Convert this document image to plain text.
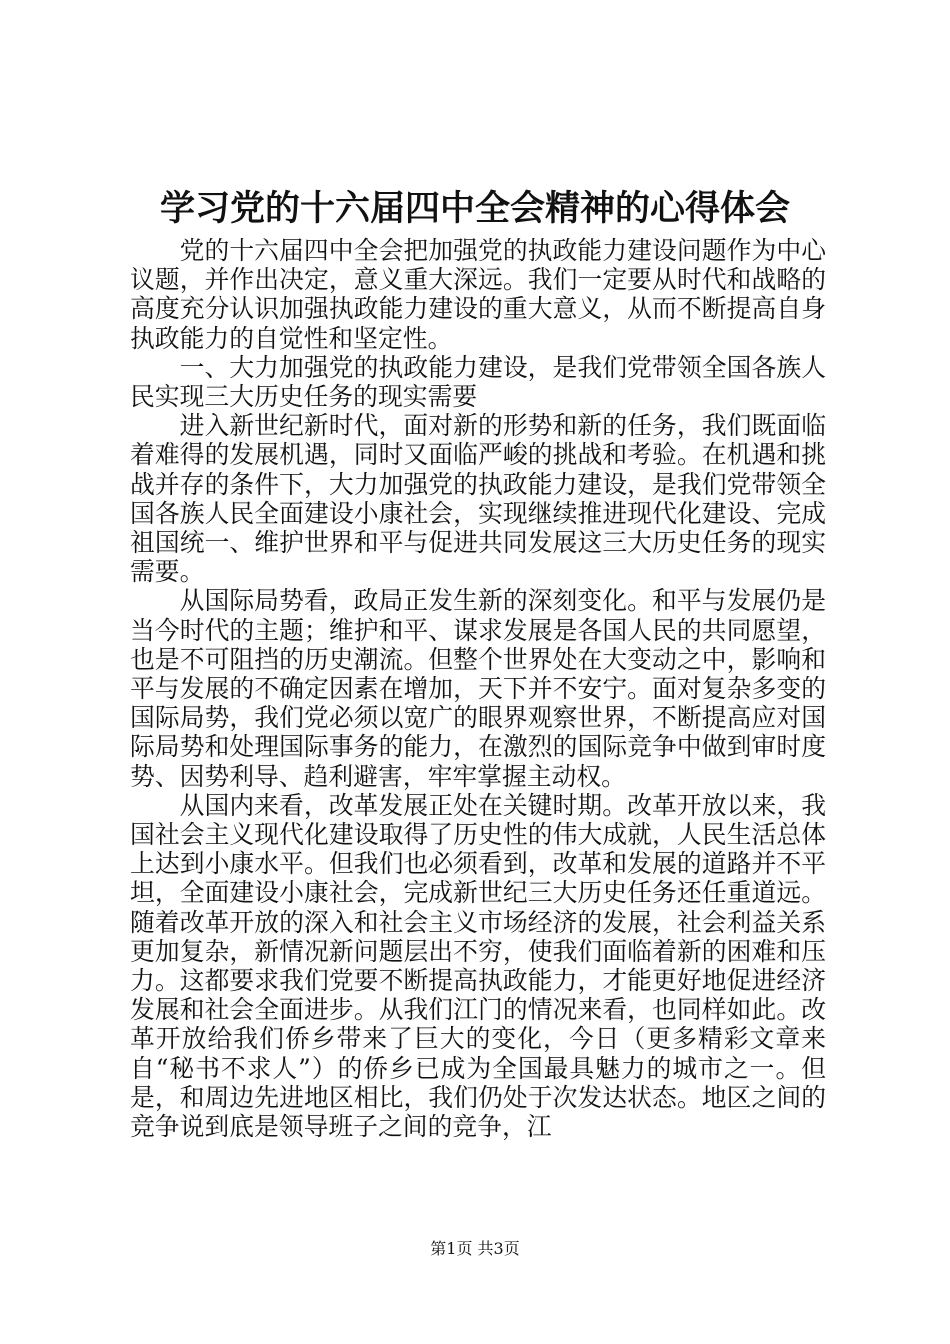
学习党的十六届四中全会精神的心得体会

党的十六届四中全会把加强党的执政能力建设问题作为中心议题，并作出决定，意义重大深远。我们一定要从时代和战略的高度充分认识加强执政能力建设的重大意义，从而不断提高自身执政能力的自觉性和坚定性。

一、大力加强党的执政能力建设，是我们党带领全国各族人民实现三大历史任务的现实需要

进入新世纪新时代，面对新的形势和新的任务，我们既面临着难得的发展机遇，同时又面临严峻的挑战和考验。在机遇和挑战并存的条件下，大力加强党的执政能力建设，是我们党带领全国各族人民全面建设小康社会，实现继续推进现代化建设、完成祖国统一、维护世界和平与促进共同发展这三大历史任务的现实需要。

从国际局势看，政局正发生新的深刻变化。和平与发展仍是当今时代的主题；维护和平、谋求发展是各国人民的共同愿望，也是不可阻挡的历史潮流。但整个世界处在大变动之中，影响和平与发展的不确定因素在增加，天下并不安宁。面对复杂多变的国际局势，我们党必须以宽广的眼界观察世界，不断提高应对国际局势和处理国际事务的能力，在激烈的国际竞争中做到审时度势、因势利导、趋利避害，牢牢掌握主动权。

从国内来看，改革发展正处在关键时期。改革开放以来，我国社会主义现代化建设取得了历史性的伟大成就，人民生活总体上达到小康水平。但我们也必须看到，改革和发展的道路并不平坦，全面建设小康社会，完成新世纪三大历史任务还任重道远。随着改革开放的深入和社会主义市场经济的发展，社会利益关系更加复杂，新情况新问题层出不穷，使我们面临着新的困难和压力。这都要求我们党要不断提高执政能力，才能更好地促进经济发展和社会全面进步。从我们江门的情况来看，也同样如此。改革开放给我们侨乡带来了巨大的变化，今日（更多精彩文章来自“秘书不求人”）的侨乡已成为全国最具魅力的城市之一。但是，和周边先进地区相比，我们仍处于次发达状态。地区之间的竞争说到底是领导班子之间的竞争，江

第1页 共3页
